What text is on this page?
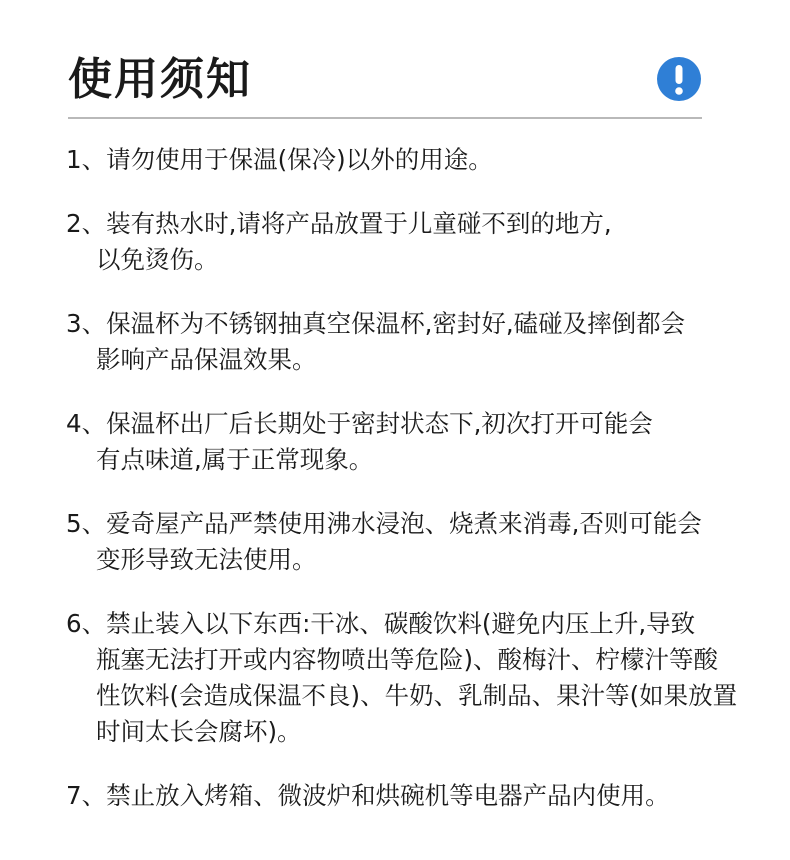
使用须知
1、请勿使用于保温(保冷)以外的用途。
2、装有热水时,请将产品放置于儿童碰不到的地方,
以免烫伤。
3、保温杯为不锈钢抽真空保温杯,密封好,磕碰及摔倒都会
影响产品保温效果。
4、保温杯出厂后长期处于密封状态下,初次打开可能会
有点味道,属于正常现象。
5、爱奇屋产品严禁使用沸水浸泡、烧煮来消毒,否则可能会
变形导致无法使用。
6、禁止装入以下东西:干冰、碳酸饮料(避免内压上升,导致
瓶塞无法打开或内容物喷出等危险)、酸梅汁、柠檬汁等酸
性饮料(会造成保温不良)、牛奶、乳制品、果汁等(如果放置
时间太长会腐坏)。
7、禁止放入烤箱、微波炉和烘碗机等电器产品内使用。
